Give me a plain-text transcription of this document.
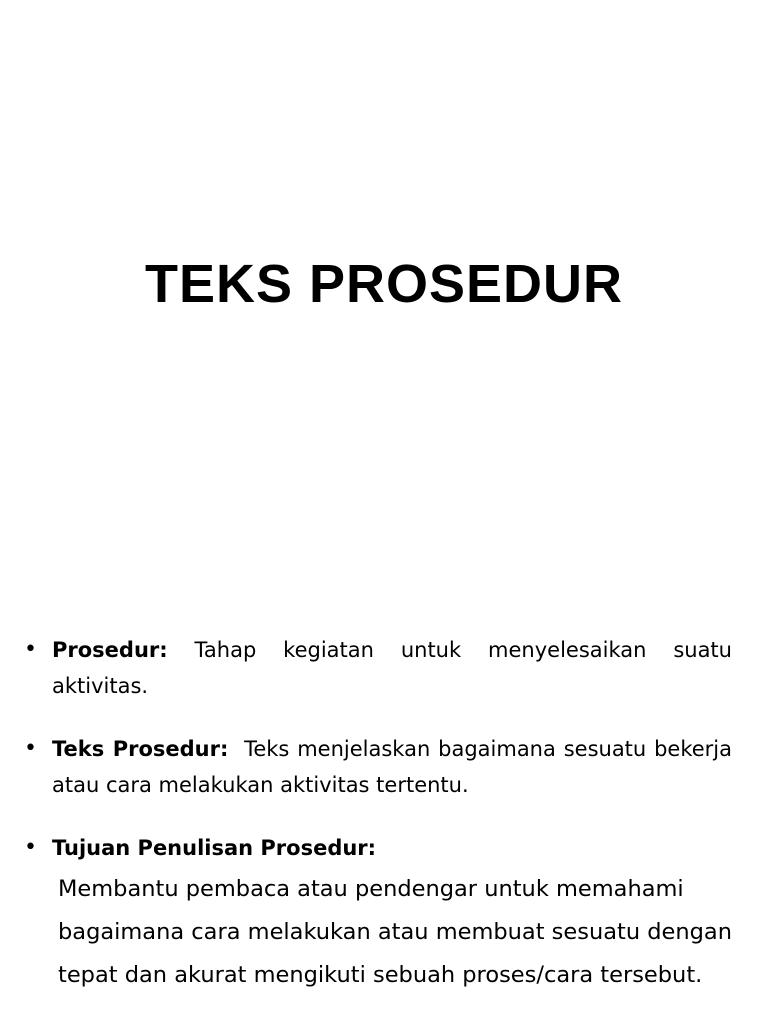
TEKS PROSEDUR
• Prosedur: Tahap kegiatan untuk menyelesaikan suatu aktivitas.
• Teks Prosedur: Teks menjelaskan bagaimana sesuatu bekerja atau cara melakukan aktivitas tertentu.
• Tujuan Penulisan Prosedur:

Membantu pembaca atau pendengar untuk memahami bagaimana cara melakukan atau membuat sesuatu dengan tepat dan akurat mengikuti sebuah proses/cara tersebut.
